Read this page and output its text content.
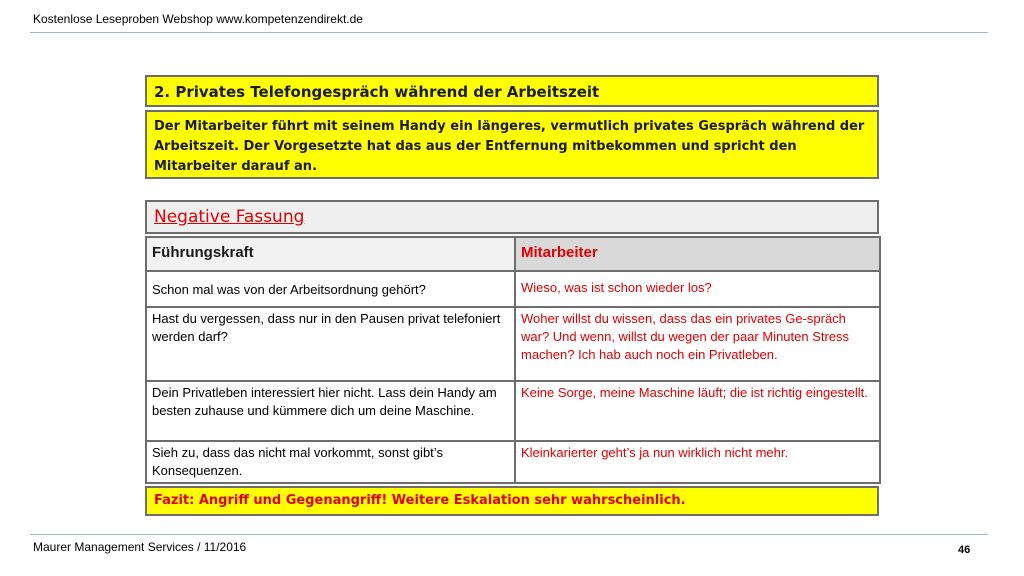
Kostenlose Leseproben Webshop www.kompetenzendirekt.de
2. Privates Telefongespräch während der Arbeitszeit

Der Mitarbeiter führt mit seinem Handy ein längeres, vermutlich privates Gespräch während der Arbeitszeit. Der Vorgesetzte hat das aus der Entfernung mitbekommen und spricht den Mitarbeiter darauf an.

Negative Fassung
Führungskraft	Mitarbeiter
Schon mal was von der Arbeitsordnung gehört?	Wieso, was ist schon wieder los?
Hast du vergessen, dass nur in den Pausen privat telefoniert werden darf?	Woher willst du wissen, dass das ein privates Ge-spräch war? Und wenn, willst du wegen der paar Minuten Stress machen? Ich hab auch noch ein Privatleben.
Dein Privatleben interessiert hier nicht. Lass dein Handy am besten zuhause und kümmere dich um deine Maschine.	Keine Sorge, meine Maschine läuft; die ist richtig eingestellt.
Sieh zu, dass das nicht mal vorkommt, sonst gibt’s Konsequenzen.	Kleinkarierter geht’s ja nun wirklich nicht mehr.
Fazit: Angriff und Gegenangriff! Weitere Eskalation sehr wahrscheinlich.
Maurer Management Services / 11/2016	46
